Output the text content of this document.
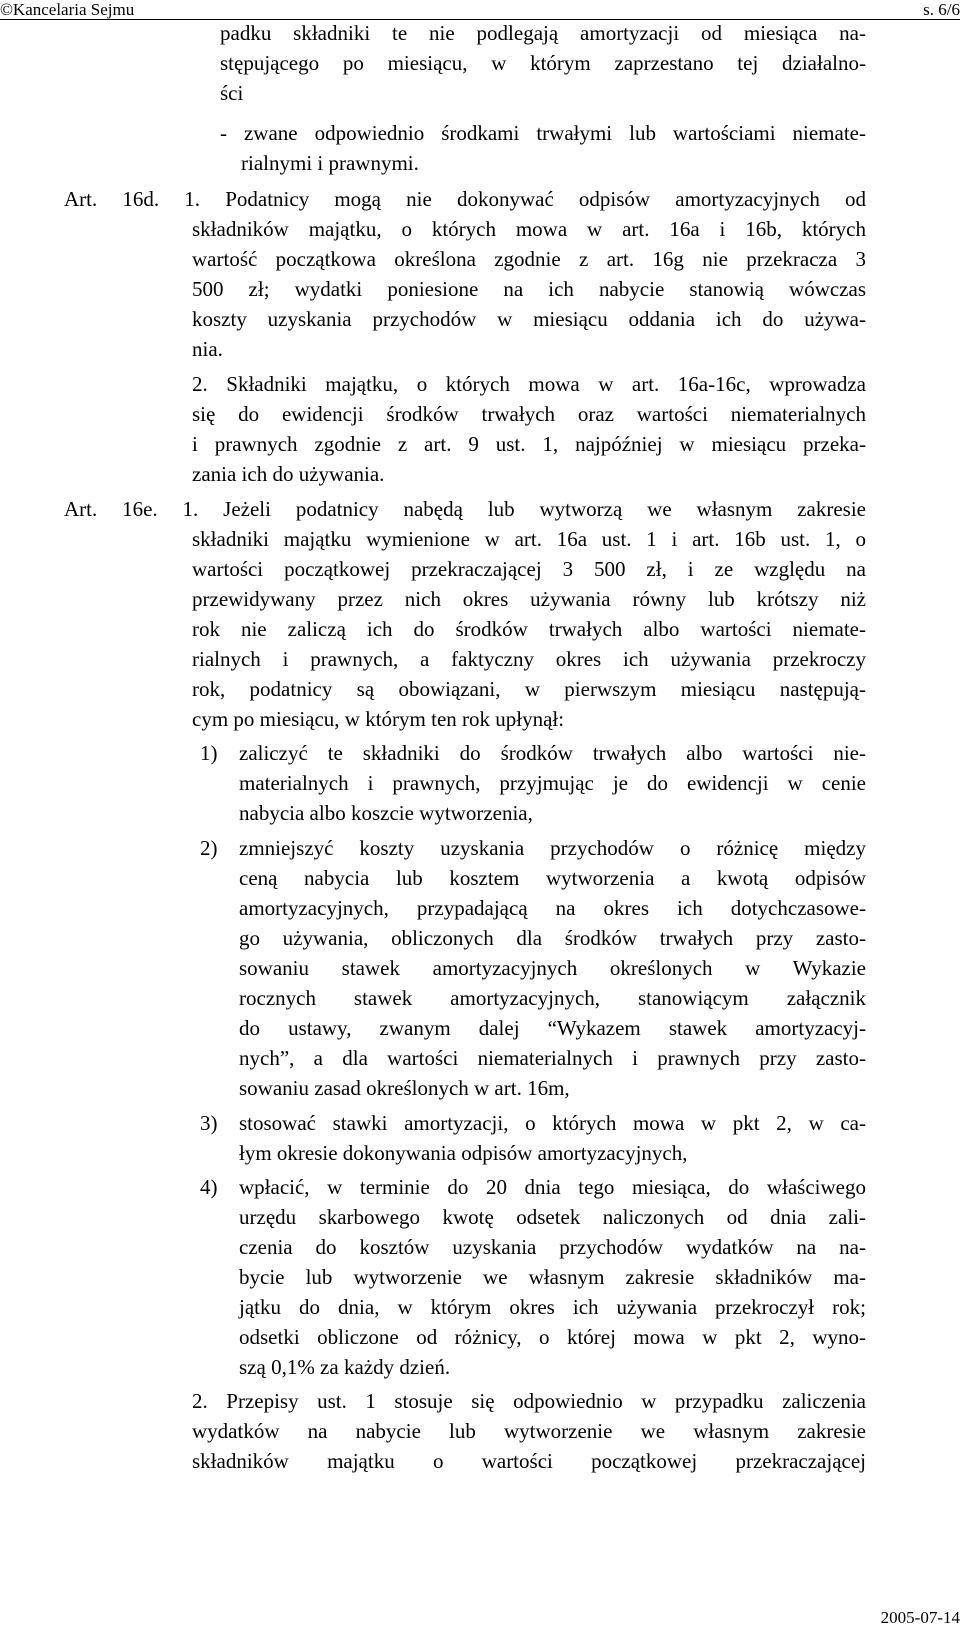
©Kancelaria Sejmu	s. 6/6
padku składniki te nie podlegają amortyzacji od miesiąca na-
stępującego po miesiącu, w którym zaprzestano tej działalno-
ści
- zwane odpowiednio środkami trwałymi lub wartościami niemate-
rialnymi i prawnymi.
Art. 16d. 1. Podatnicy mogą nie dokonywać odpisów amortyzacyjnych od
składników majątku, o których mowa w art. 16a i 16b, których
wartość początkowa określona zgodnie z art. 16g nie przekracza 3
500 zł; wydatki poniesione na ich nabycie stanowią wówczas
koszty uzyskania przychodów w miesiącu oddania ich do używa-
nia.
2. Składniki majątku, o których mowa w art. 16a-16c, wprowadza
się do ewidencji środków trwałych oraz wartości niematerialnych
i prawnych zgodnie z art. 9 ust. 1, najpóźniej w miesiącu przeka-
zania ich do używania.
Art. 16e. 1. Jeżeli podatnicy nabędą lub wytworzą we własnym zakresie
składniki majątku wymienione w art. 16a ust. 1 i art. 16b ust. 1, o
wartości początkowej przekraczającej 3 500 zł, i ze względu na
przewidywany przez nich okres używania równy lub krótszy niż
rok nie zaliczą ich do środków trwałych albo wartości niemate-
rialnych i prawnych, a faktyczny okres ich używania przekroczy
rok, podatnicy są obowiązani, w pierwszym miesiącu następują-
cym po miesiącu, w którym ten rok upłynął:
1) zaliczyć te składniki do środków trwałych albo wartości nie-
materialnych i prawnych, przyjmując je do ewidencji w cenie
nabycia albo koszcie wytworzenia,
2) zmniejszyć koszty uzyskania przychodów o różnicę między
ceną nabycia lub kosztem wytworzenia a kwotą odpisów
amortyzacyjnych, przypadającą na okres ich dotychczasowe-
go używania, obliczonych dla środków trwałych przy zasto-
sowaniu stawek amortyzacyjnych określonych w Wykazie
rocznych stawek amortyzacyjnych, stanowiącym załącznik
do ustawy, zwanym dalej “Wykazem stawek amortyzacyj-
nych”, a dla wartości niematerialnych i prawnych przy zasto-
sowaniu zasad określonych w art. 16m,
3) stosować stawki amortyzacji, o których mowa w pkt 2, w ca-
łym okresie dokonywania odpisów amortyzacyjnych,
4) wpłacić, w terminie do 20 dnia tego miesiąca, do właściwego
urzędu skarbowego kwotę odsetek naliczonych od dnia zali-
czenia do kosztów uzyskania przychodów wydatków na na-
bycie lub wytworzenie we własnym zakresie składników ma-
jątku do dnia, w którym okres ich używania przekroczył rok;
odsetki obliczone od różnicy, o której mowa w pkt 2, wyno-
szą 0,1% za każdy dzień.
2. Przepisy ust. 1 stosuje się odpowiednio w przypadku zaliczenia
wydatków na nabycie lub wytworzenie we własnym zakresie
składników majątku o wartości początkowej przekraczającej
2005-07-14
